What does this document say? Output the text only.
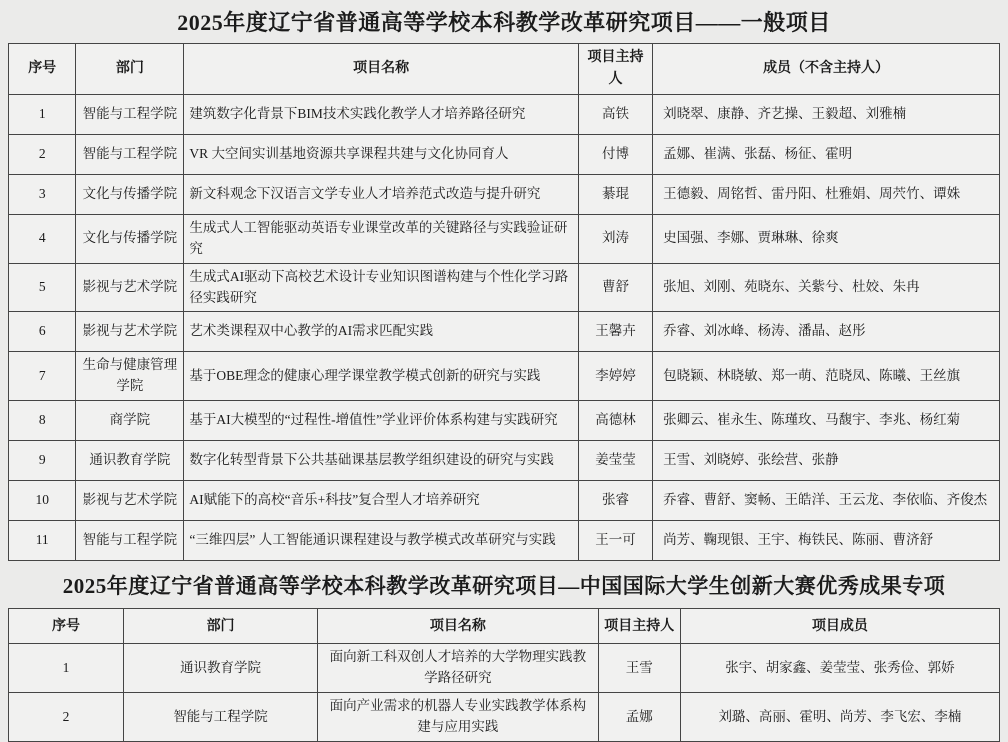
2025年度辽宁省普通高等学校本科教学改革研究项目——一般项目
序号	部门	项目名称	项目主持人	成员（不含主持人）
1	智能与工程学院	建筑数字化背景下BIM技术实践化教学人才培养路径研究	高铁	刘晓翠、康静、齐艺操、王毅超、刘雅楠
2	智能与工程学院	VR 大空间实训基地资源共享课程共建与文化协同育人	付博	孟娜、崔满、张磊、杨征、霍明
3	文化与传播学院	新文科观念下汉语言文学专业人才培养范式改造与提升研究	綦琨	王德毅、周铭哲、雷丹阳、杜雅娟、周茓竹、谭姝
4	文化与传播学院	生成式人工智能驱动英语专业课堂改革的关键路径与实践验证研究	刘涛	史国强、李娜、贾琳琳、徐爽
5	影视与艺术学院	生成式AI驱动下高校艺术设计专业知识图谱构建与个性化学习路径实践研究	曹舒	张旭、刘刚、苑晓东、关紫兮、杜姣、朱冉
6	影视与艺术学院	艺术类课程双中心教学的AI需求匹配实践	王馨卉	乔睿、刘冰峰、杨涛、潘晶、赵彤
7	生命与健康管理学院	基于OBE理念的健康心理学课堂教学模式创新的研究与实践	李婷婷	包晓颖、林晓敏、郑一萌、范晓凤、陈曦、王丝旗
8	商学院	基于AI大模型的“过程性-增值性”学业评价体系构建与实践研究	高德林	张卿云、崔永生、陈瑾玫、马馥宇、李兆、杨红菊
9	通识教育学院	数字化转型背景下公共基础课基层教学组织建设的研究与实践	姜莹莹	王雪、刘晓婷、张绘营、张静
10	影视与艺术学院	AI赋能下的高校“音乐+科技”复合型人才培养研究	张睿	乔睿、曹舒、窦畅、王皓洋、王云龙、李依临、齐俊杰
11	智能与工程学院	“三维四层” 人工智能通识课程建设与教学模式改革研究与实践	王一可	尚芳、鞠现银、王宇、梅铁民、陈丽、曹济舒
2025年度辽宁省普通高等学校本科教学改革研究项目—中国国际大学生创新大赛优秀成果专项
序号	部门	项目名称	项目主持人	项目成员
1	通识教育学院	面向新工科双创人才培养的大学物理实践教学路径研究	王雪	张宇、胡家鑫、姜莹莹、张秀俭、郭娇
2	智能与工程学院	面向产业需求的机器人专业实践教学体系构建与应用实践	孟娜	刘璐、高丽、霍明、尚芳、李飞宏、李楠
